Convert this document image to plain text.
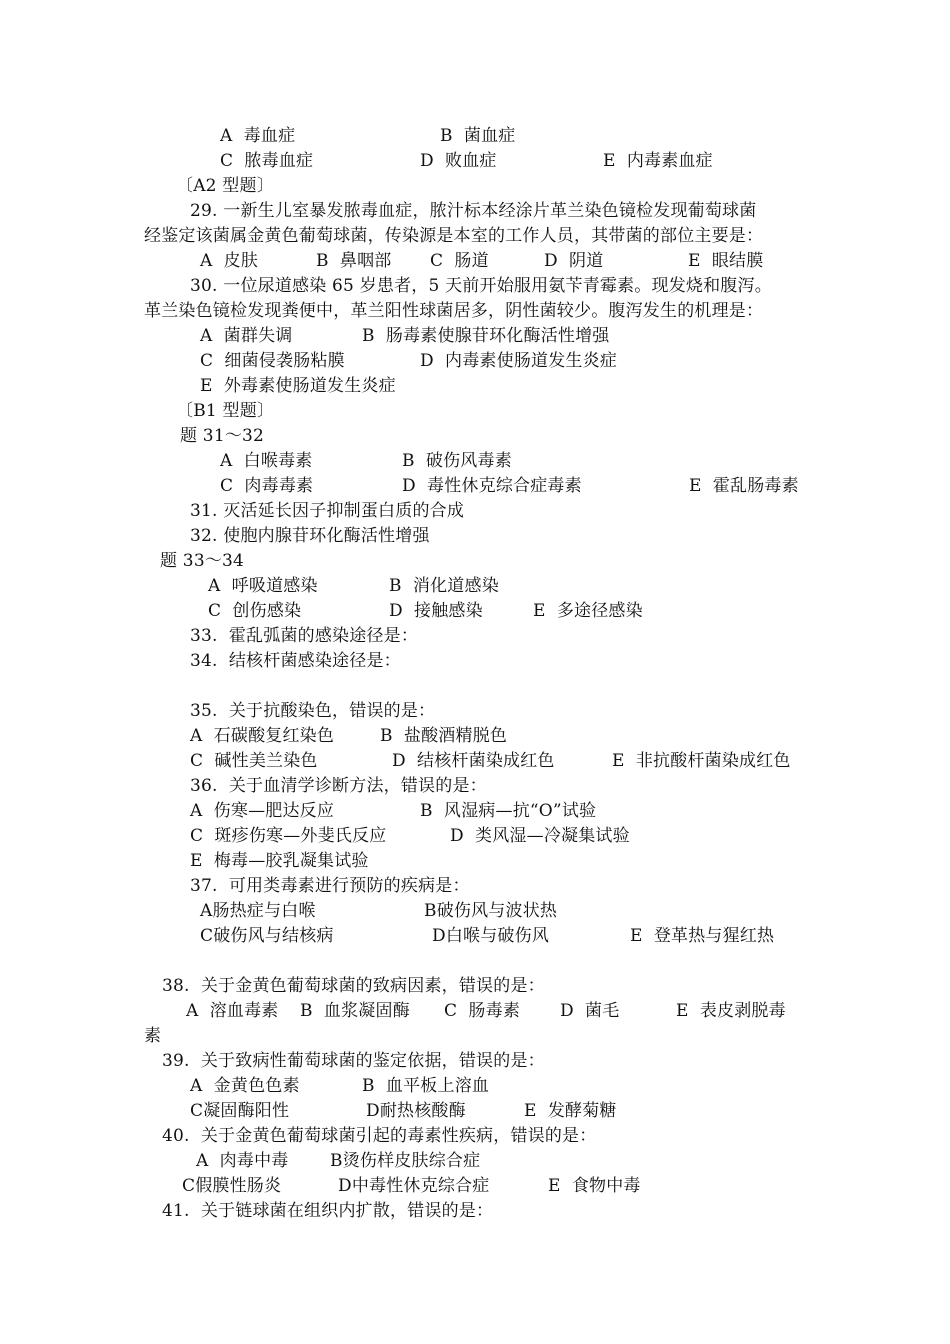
A  毒血症	B  菌血症
C  脓毒血症	D  败血症	E  内毒素血症
〔A2 型题〕
29. 一新生儿室暴发脓毒血症，脓汁标本经涂片革兰染色镜检发现葡萄球菌
经鉴定该菌属金黄色葡萄球菌，传染源是本室的工作人员，其带菌的部位主要是：
A  皮肤	B  鼻咽部 C  肠道	D  阴道	E  眼结膜
30. 一位尿道感染 65 岁患者，5 天前开始服用氨苄青霉素。现发烧和腹泻。
革兰染色镜检发现粪便中，革兰阳性球菌居多，阴性菌较少。腹泻发生的机理是：
A  菌群失调	B  肠毒素使腺苷环化酶活性增强
C  细菌侵袭肠粘膜	D  内毒素使肠道发生炎症
E  外毒素使肠道发生炎症
〔B1 型题〕
题 31～32
A  白喉毒素	B  破伤风毒素
C  肉毒毒素	D  毒性休克综合症毒素	E  霍乱肠毒素
31. 灭活延长因子抑制蛋白质的合成
32. 使胞内腺苷环化酶活性增强
题 33～34
A  呼吸道感染	B  消化道感染
C  创伤感染	D  接触感染	E  多途径感染
33.  霍乱弧菌的感染途径是：
34.  结核杆菌感染途径是：
35.  关于抗酸染色，错误的是：
A  石碳酸复红染色	B  盐酸酒精脱色
C  碱性美兰染色	D  结核杆菌染成红色	E  非抗酸杆菌染成红色
36.  关于血清学诊断方法，错误的是：
A  伤寒—肥达反应	B  风湿病—抗“O”试验
C  斑疹伤寒—外斐氏反应	D  类风湿—冷凝集试验
E  梅毒—胶乳凝集试验
37.  可用类毒素进行预防的疾病是：
A肠热症与白喉	B破伤风与波状热
C破伤风与结核病	D白喉与破伤风	E  登革热与猩红热
38.  关于金黄色葡萄球菌的致病因素，错误的是：
A  溶血毒素 B  血浆凝固酶 C  肠毒素 D  菌毛	E  表皮剥脱毒
素
39.  关于致病性葡萄球菌的鉴定依据，错误的是：
A  金黄色色素	B  血平板上溶血
C凝固酶阳性	D耐热核酸酶	E  发酵菊糖
40.  关于金黄色葡萄球菌引起的毒素性疾病，错误的是：
A  肉毒中毒 B烫伤样皮肤综合症
C假膜性肠炎	D中毒性休克综合症	E  食物中毒
41.  关于链球菌在组织内扩散，错误的是：
